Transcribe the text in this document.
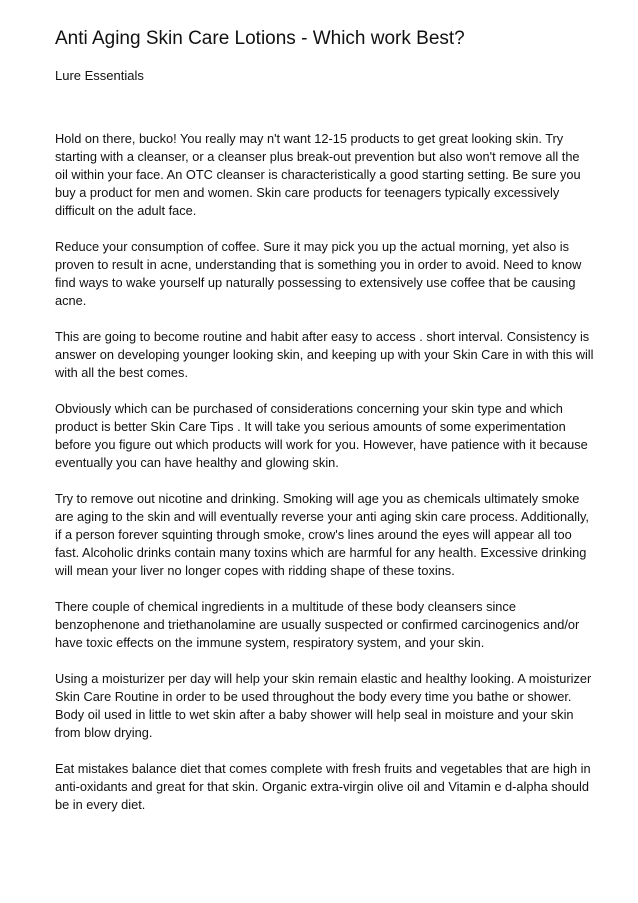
Anti Aging Skin Care Lotions - Which work Best?
Lure Essentials

Hold on there, bucko! You really may n't want 12-15 products to get great looking skin. Try starting with a cleanser, or a cleanser plus break-out prevention but also won't remove all the oil within your face. An OTC cleanser is characteristically a good starting setting. Be sure you buy a product for men and women. Skin care products for teenagers typically excessively difficult on the adult face.

Reduce your consumption of coffee. Sure it may pick you up the actual morning, yet also is proven to result in acne, understanding that is something you in order to avoid. Need to know find ways to wake yourself up naturally possessing to extensively use coffee that be causing acne.

This are going to become routine and habit after easy to access . short interval. Consistency is answer on developing younger looking skin, and keeping up with your Skin Care in with this will with all the best comes.

Obviously which can be purchased of considerations concerning your skin type and which product is better Skin Care Tips . It will take you serious amounts of some experimentation before you figure out which products will work for you. However, have patience with it because eventually you can have healthy and glowing skin.

Try to remove out nicotine and drinking. Smoking will age you as chemicals ultimately smoke are aging to the skin and will eventually reverse your anti aging skin care process. Additionally, if a person forever squinting through smoke, crow's lines around the eyes will appear all too fast. Alcoholic drinks contain many toxins which are harmful for any health. Excessive drinking will mean your liver no longer copes with ridding shape of these toxins.

There couple of chemical ingredients in a multitude of these body cleansers since benzophenone and triethanolamine are usually suspected or confirmed carcinogenics and/or have toxic effects on the immune system, respiratory system, and your skin.

Using a moisturizer per day will help your skin remain elastic and healthy looking. A moisturizer Skin Care Routine in order to be used throughout the body every time you bathe or shower. Body oil used in little to wet skin after a baby shower will help seal in moisture and your skin from blow drying.

Eat mistakes balance diet that comes complete with fresh fruits and vegetables that are high in anti-oxidants and great for that skin. Organic extra-virgin olive oil and Vitamin e d-alpha should be in every diet.
